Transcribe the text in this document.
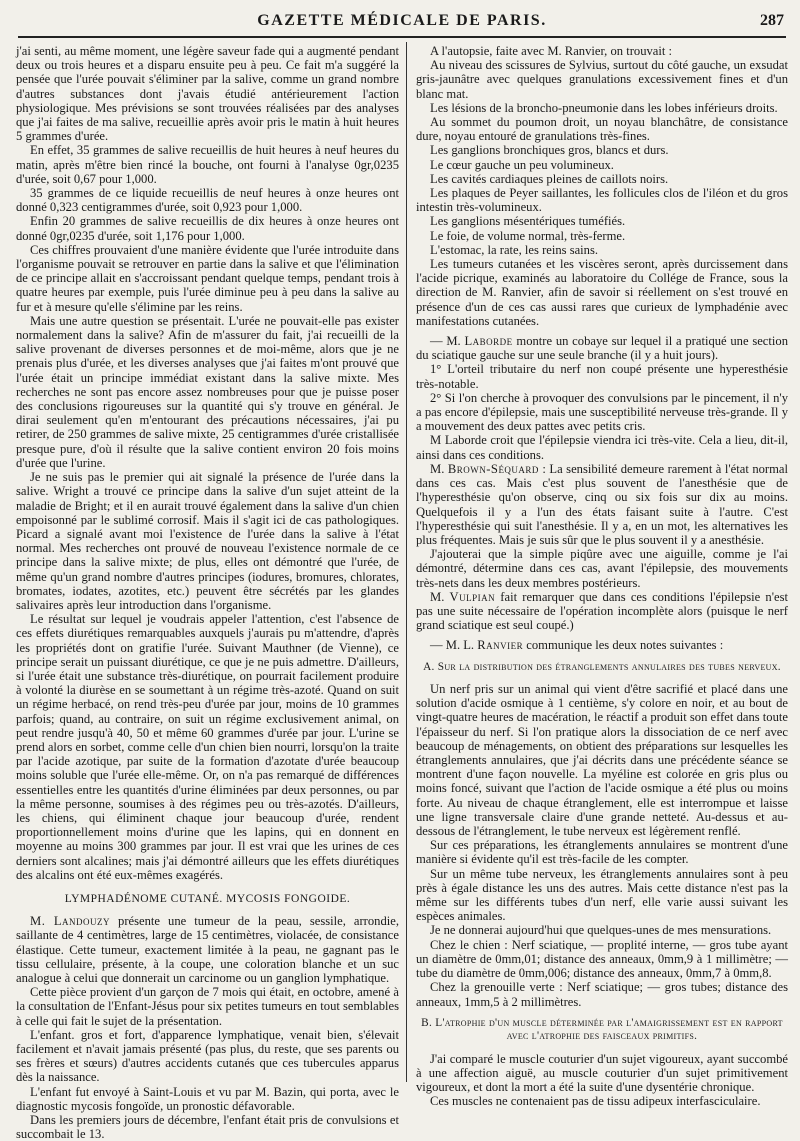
GAZETTE MÉDICALE DE PARIS.	287

j'ai senti, au même moment, une légère saveur fade qui a augmenté pendant deux ou trois heures et a disparu ensuite peu à peu. Ce fait m'a suggéré la pensée que l'urée pouvait s'éliminer par la salive, comme un grand nombre d'autres substances dont j'avais étudié antérieurement l'action physiologique. Mes prévisions se sont trouvées réalisées par des analyses que j'ai faites de ma salive, recueillie après avoir pris le matin à huit heures 5 grammes d'urée.

En effet, 35 grammes de salive recueillis de huit heures à neuf heures du matin, après m'être bien rincé la bouche, ont fourni à l'analyse 0gr,0235 d'urée, soit 0,67 pour 1,000.

35 grammes de ce liquide recueillis de neuf heures à onze heures ont donné 0,323 centigrammes d'urée, soit 0,923 pour 1,000.

Enfin 20 grammes de salive recueillis de dix heures à onze heures ont donné 0gr,0235 d'urée, soit 1,176 pour 1,000.

Ces chiffres prouvaient d'une manière évidente que l'urée introduite dans l'organisme pouvait se retrouver en partie dans la salive et que l'élimination de ce principe allait en s'accroissant pendant quelque temps, pendant trois à quatre heures par exemple, puis l'urée diminue peu à peu dans la salive au fur et à mesure qu'elle s'élimine par les reins.

Mais une autre question se présentait. L'urée ne pouvait-elle pas exister normalement dans la salive? Afin de m'assurer du fait, j'ai recueilli de la salive provenant de diverses personnes et de moi-même, alors que je ne prenais plus d'urée, et les diverses analyses que j'ai faites m'ont prouvé que l'urée était un principe immédiat existant dans la salive mixte. Mes recherches ne sont pas encore assez nombreuses pour que je puisse poser des conclusions rigoureuses sur la quantité qui s'y trouve en général. Je dirai seulement qu'en m'entourant des précautions nécessaires, j'ai pu retirer, de 250 grammes de salive mixte, 25 centigrammes d'urée cristallisée presque pure, d'où il résulte que la salive contient environ 20 fois moins d'urée que l'urine.

Je ne suis pas le premier qui ait signalé la présence de l'urée dans la salive. Wright a trouvé ce principe dans la salive d'un sujet atteint de la maladie de Bright; et il en aurait trouvé également dans la salive d'un chien empoisonné par le sublimé corrosif. Mais il s'agit ici de cas pathologiques. Picard a signalé avant moi l'existence de l'urée dans la salive à l'état normal. Mes recherches ont prouvé de nouveau l'existence normale de ce principe dans la salive mixte; de plus, elles ont démontré que l'urée, de même qu'un grand nombre d'autres principes (iodures, bromures, chlorates, bromates, iodates, azotites, etc.) peuvent être sécrétés par les glandes salivaires après leur introduction dans l'organisme.

Le résultat sur lequel je voudrais appeler l'attention, c'est l'absence de ces effets diurétiques remarquables auxquels j'aurais pu m'attendre, d'après les propriétés dont on gratifie l'urée. Suivant Mauthner (de Vienne), ce principe serait un puissant diurétique, ce que je ne puis admettre. D'ailleurs, si l'urée était une substance très-diurétique, on pourrait facilement produire à volonté la diurèse en se soumettant à un régime très-azoté. Quand on suit un régime herbacé, on rend très-peu d'urée par jour, moins de 10 grammes parfois; quand, au contraire, on suit un régime exclusivement animal, on peut rendre jusqu'à 40, 50 et même 60 grammes d'urée par jour. L'urine se prend alors en sorbet, comme celle d'un chien bien nourri, lorsqu'on la traite par l'acide azotique, par suite de la formation d'azotate d'urée beaucoup moins soluble que l'urée elle-même. Or, on n'a pas remarqué de différences essentielles entre les quantités d'urine éliminées par deux personnes, ou par la même personne, soumises à des régimes peu ou très-azotés. D'ailleurs, les chiens, qui éliminent chaque jour beaucoup d'urée, rendent proportionnellement moins d'urine que les lapins, qui en donnent en moyenne au moins 300 grammes par jour. Il est vrai que les urines de ces derniers sont alcalines; mais j'ai démontré ailleurs que les effets diurétiques des alcalins ont été eux-mêmes exagérés.

LYMPHADÉNOME CUTANÉ. MYCOSIS FONGOIDE.

M. Landouzy présente une tumeur de la peau, sessile, arrondie, saillante de 4 centimètres, large de 15 centimètres, violacée, de consistance élastique. Cette tumeur, exactement limitée à la peau, ne gagnant pas le tissu cellulaire, présente, à la coupe, une coloration blanche et un suc analogue à celui que donnerait un carcinome ou un ganglion lymphatique.

Cette pièce provient d'un garçon de 7 mois qui était, en octobre, amené à la consultation de l'Enfant-Jésus pour six petites tumeurs en tout semblables à celle qui fait le sujet de la présentation.

L'enfant. gros et fort, d'apparence lymphatique, venait bien, s'élevait facilement et n'avait jamais présenté (pas plus, du reste, que ses parents ou ses frères et sœurs) d'autres accidents cutanés que ces tubercules apparus dès la naissance.

L'enfant fut envoyé à Saint-Louis et vu par M. Bazin, qui porta, avec le diagnostic mycosis fongoïde, un pronostic défavorable.

Dans les premiers jours de décembre, l'enfant était pris de convulsions et succombait le 13.

A l'autopsie, faite avec M. Ranvier, on trouvait :

Au niveau des scissures de Sylvius, surtout du côté gauche, un exsudat gris-jaunâtre avec quelques granulations excessivement fines et d'un blanc mat.

Les lésions de la broncho-pneumonie dans les lobes inférieurs droits.

Au sommet du poumon droit, un noyau blanchâtre, de consistance dure, noyau entouré de granulations très-fines.

Les ganglions bronchiques gros, blancs et durs.

Le cœur gauche un peu volumineux.

Les cavités cardiaques pleines de caillots noirs.

Les plaques de Peyer saillantes, les follicules clos de l'iléon et du gros intestin très-volumineux.

Les ganglions mésentériques tuméfiés.

Le foie, de volume normal, très-ferme.

L'estomac, la rate, les reins sains.

Les tumeurs cutanées et les viscères seront, après durcissement dans l'acide picrique, examinés au laboratoire du Collége de France, sous la direction de M. Ranvier, afin de savoir si réellement on s'est trouvé en présence d'un de ces cas aussi rares que curieux de lymphadénie avec manifestations cutanées.

— M. Laborde montre un cobaye sur lequel il a pratiqué une section du sciatique gauche sur une seule branche (il y a huit jours).

1° L'orteil tributaire du nerf non coupé présente une hyperesthésie très-notable.

2° Si l'on cherche à provoquer des convulsions par le pincement, il n'y a pas encore d'épilepsie, mais une susceptibilité nerveuse très-grande. Il y a mouvement des deux pattes avec petits cris.

M Laborde croit que l'épilepsie viendra ici très-vite. Cela a lieu, dit-il, ainsi dans ces conditions.

M. Brown-Séquard : La sensibilité demeure rarement à l'état normal dans ces cas. Mais c'est plus souvent de l'anesthésie que de l'hyperesthésie qu'on observe, cinq ou six fois sur dix au moins. Quelquefois il y a l'un des états faisant suite à l'autre. C'est l'hyperesthésie qui suit l'anesthésie. Il y a, en un mot, les alternatives les plus fréquentes. Mais je suis sûr que le plus souvent il y a anesthésie.

J'ajouterai que la simple piqûre avec une aiguille, comme je l'ai démontré, détermine dans ces cas, avant l'épilepsie, des mouvements très-nets dans les deux membres postérieurs.

M. Vulpian fait remarquer que dans ces conditions l'épilepsie n'est pas une suite nécessaire de l'opération incomplète alors (puisque le nerf grand sciatique est seul coupé.)

— M. L. Ranvier communique les deux notes suivantes :

A. Sur la distribution des étranglements annulaires des tubes nerveux.

Un nerf pris sur un animal qui vient d'être sacrifié et placé dans une solution d'acide osmique à 1 centième, s'y colore en noir, et au bout de vingt-quatre heures de macération, le réactif a produit son effet dans toute l'épaisseur du nerf. Si l'on pratique alors la dissociation de ce nerf avec beaucoup de ménagements, on obtient des préparations sur lesquelles les étranglements annulaires, que j'ai décrits dans une précédente séance se montrent d'une façon nouvelle. La myéline est colorée en gris plus ou moins foncé, suivant que l'action de l'acide osmique a été plus ou moins forte. Au niveau de chaque étranglement, elle est interrompue et laisse une ligne transversale claire d'une grande netteté. Au-dessus et au-dessous de l'étranglement, le tube nerveux est légèrement renflé.

Sur ces préparations, les étranglements annulaires se montrent d'une manière si évidente qu'il est très-facile de les compter.

Sur un même tube nerveux, les étranglements annulaires sont à peu près à égale distance les uns des autres. Mais cette distance n'est pas la même sur les différents tubes d'un nerf, elle varie aussi suivant les espèces animales.

Je ne donnerai aujourd'hui que quelques-unes de mes mensurations.

Chez le chien : Nerf sciatique, — proplité interne, — gros tube ayant un diamètre de 0mm,01; distance des anneaux, 0mm,9 à 1 millimètre; — tube du diamètre de 0mm,006; distance des anneaux, 0mm,7 à 0mm,8.

Chez la grenouille verte : Nerf sciatique; — gros tubes; distance des anneaux, 1mm,5 à 2 millimètres.

B. L'atrophie d'un muscle déterminée par l'amaigrissement est en rapport avec l'atrophie des faisceaux primitifs.

J'ai comparé le muscle couturier d'un sujet vigoureux, ayant succombé à une affection aiguë, au muscle couturier d'un sujet primitivement vigoureux, et dont la mort a été la suite d'une dysentérie chronique.

Ces muscles ne contenaient pas de tissu adipeux interfasciculaire.
